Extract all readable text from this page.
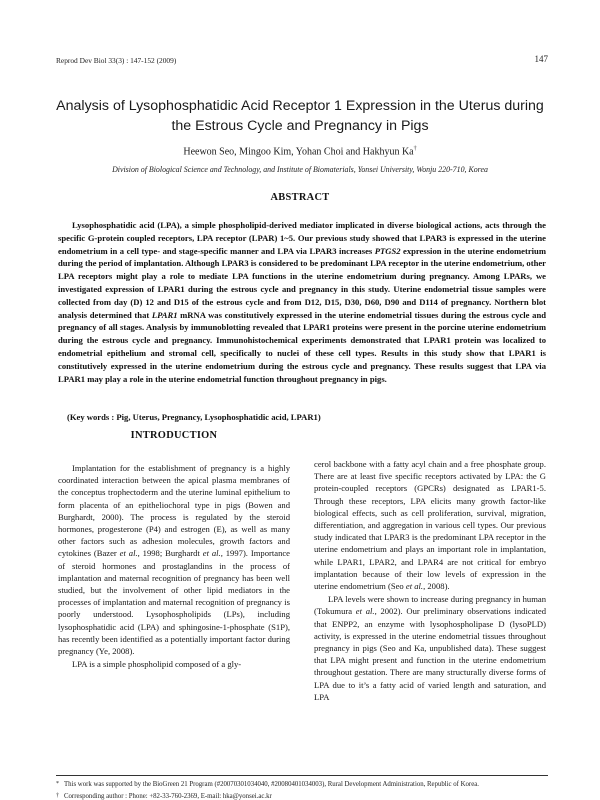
Reprod Dev Biol 33(3) : 147-152 (2009)	147
Analysis of Lysophosphatidic Acid Receptor 1 Expression in the Uterus during
the Estrous Cycle and Pregnancy in Pigs
Heewon Seo, Mingoo Kim, Yohan Choi and Hakhyun Ka†
Division of Biological Science and Technology, and Institute of Biomaterials, Yonsei University, Wonju 220-710, Korea
ABSTRACT
Lysophosphatidic acid (LPA), a simple phospholipid-derived mediator implicated in diverse biological actions, acts through the specific G-protein coupled receptors, LPA receptor (LPAR) 1~5. Our previous study showed that LPAR3 is expressed in the uterine endometrium in a cell type- and stage-specific manner and LPA via LPAR3 increases PTGS2 expression in the uterine endometrium during the period of implantation. Although LPAR3 is considered to be predominant LPA receptor in the uterine endometrium, other LPA receptors might play a role to mediate LPA functions in the uterine endometrium during pregnancy. Among LPARs, we investigated expression of LPAR1 during the estrous cycle and pregnancy in this study. Uterine endometrial tissue samples were collected from day (D) 12 and D15 of the estrous cycle and from D12, D15, D30, D60, D90 and D114 of pregnancy. Northern blot analysis determined that LPAR1 mRNA was constitutively expressed in the uterine endometrial tissues during the estrous cycle and pregnancy of all stages. Analysis by immunoblotting revealed that LPAR1 proteins were present in the porcine uterine endometrium during the estrous cycle and pregnancy. Immunohistochemical experiments demonstrated that LPAR1 protein was localized to endometrial epithelium and stromal cell, specifically to nuclei of these cell types. Results in this study show that LPAR1 is constitutively expressed in the uterine endometrium during the estrous cycle and pregnancy. These results suggest that LPA via LPAR1 may play a role in the uterine endometrial function throughout pregnancy in pigs.
(Key words : Pig, Uterus, Pregnancy, Lysophosphatidic acid, LPAR1)
INTRODUCTION

Implantation for the establishment of pregnancy is a highly coordinated interaction between the apical plasma membranes of the conceptus trophectoderm and the uterine luminal epithelium to form placenta of an epitheliochoral type in pigs (Bowen and Burghardt, 2000). The process is regulated by the steroid hormones, progesterone (P4) and estrogen (E), as well as many other factors such as adhesion molecules, growth factors and cytokines (Bazer et al., 1998; Burghardt et al., 1997). Importance of steroid hormones and prostaglandins in the process of implantation and maternal recognition of pregnancy has been well studied, but the involvement of other lipid mediators in the processes of implantation and maternal recognition of pregnancy is poorly understood. Lysophospholipids (LPs), including lysophosphatidic acid (LPA) and sphingosine-1-phosphate (S1P), has recently been identified as a potentially important factor during pregnancy (Ye, 2008).

LPA is a simple phospholipid composed of a gly-

cerol backbone with a fatty acyl chain and a free phosphate group. There are at least five specific receptors activated by LPA: the G protein-coupled receptors (GPCRs) designated as LPAR1-5. Through these receptors, LPA elicits many growth factor-like biological effects, such as cell proliferation, survival, migration, differentiation, and aggregation in various cell types. Our previous study indicated that LPAR3 is the predominant LPA receptor in the uterine endometrium and plays an important role in implantation, while LPAR1, LPAR2, and LPAR4 are not critical for embryo implantation because of their low levels of expression in the uterine endometrium (Seo et al., 2008).

LPA levels were shown to increase during pregnancy in human (Tokumura et al., 2002). Our preliminary observations indicated that ENPP2, an enzyme with lysophospholipase D (lysoPLD) activity, is expressed in the uterine endometrial tissues throughout pregnancy in pigs (Seo and Ka, unpublished data). These suggest that LPA might present and function in the uterine endometrium throughout gestation. There are many structurally diverse forms of LPA due to it’s a fatty acid of varied length and saturation, and LPA

* This work was supported by the BioGreen 21 Program (#20070301034040, #20080401034003), Rural Development Administration, Republic of Korea.
† Corresponding author : Phone: +82-33-760-2369, E-mail: hka@yonsei.ac.kr
